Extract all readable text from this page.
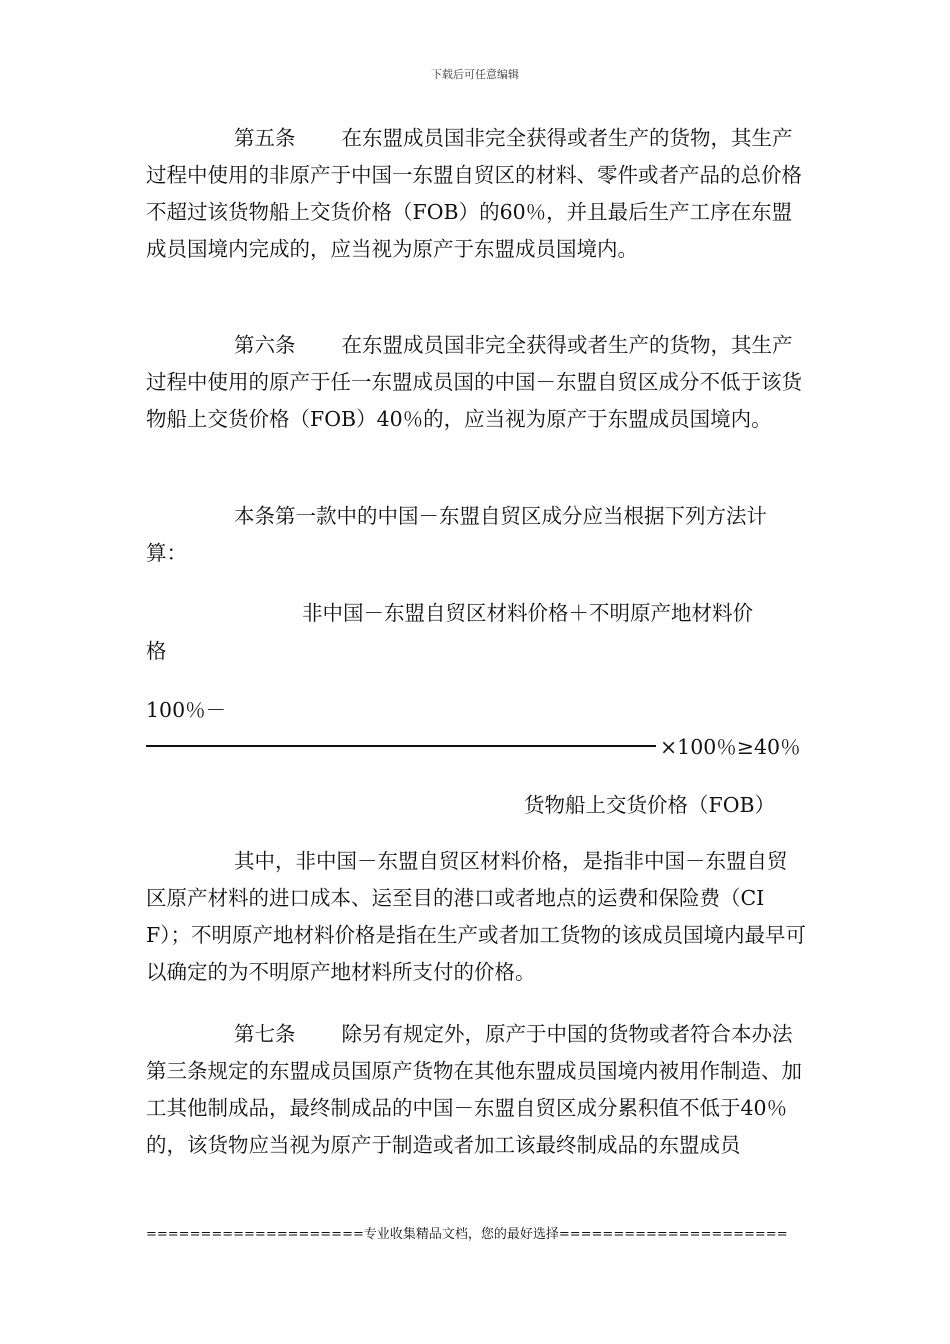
下载后可任意编辑

第五条 在东盟成员国非完全获得或者生产的货物，其生产过程中使用的非原产于中国一东盟自贸区的材料、零件或者产品的总价格不超过该货物船上交货价格（FOB）的60％，并且最后生产工序在东盟成员国境内完成的，应当视为原产于东盟成员国境内。

第六条 在东盟成员国非完全获得或者生产的货物，其生产过程中使用的原产于任一东盟成员国的中国－东盟自贸区成分不低于该货物船上交货价格（FOB）40％的，应当视为原产于东盟成员国境内。

本条第一款中的中国－东盟自贸区成分应当根据下列方法计算：

非中国－东盟自贸区材料价格＋不明原产地材料价
格
100％－
×100％≥40％
货物船上交货价格（FOB）

其中，非中国－东盟自贸区材料价格，是指非中国－东盟自贸区原产材料的进口成本、运至目的港口或者地点的运费和保险费（CIF）；不明原产地材料价格是指在生产或者加工货物的该成员国境内最早可以确定的为不明原产地材料所支付的价格。

第七条 除另有规定外，原产于中国的货物或者符合本办法第三条规定的东盟成员国原产货物在其他东盟成员国境内被用作制造、加工其他制成品，最终制成品的中国－东盟自贸区成分累积值不低于40％的，该货物应当视为原产于制造或者加工该最终制成品的东盟成员

====================专业收集精品文档，您的最好选择=====================
